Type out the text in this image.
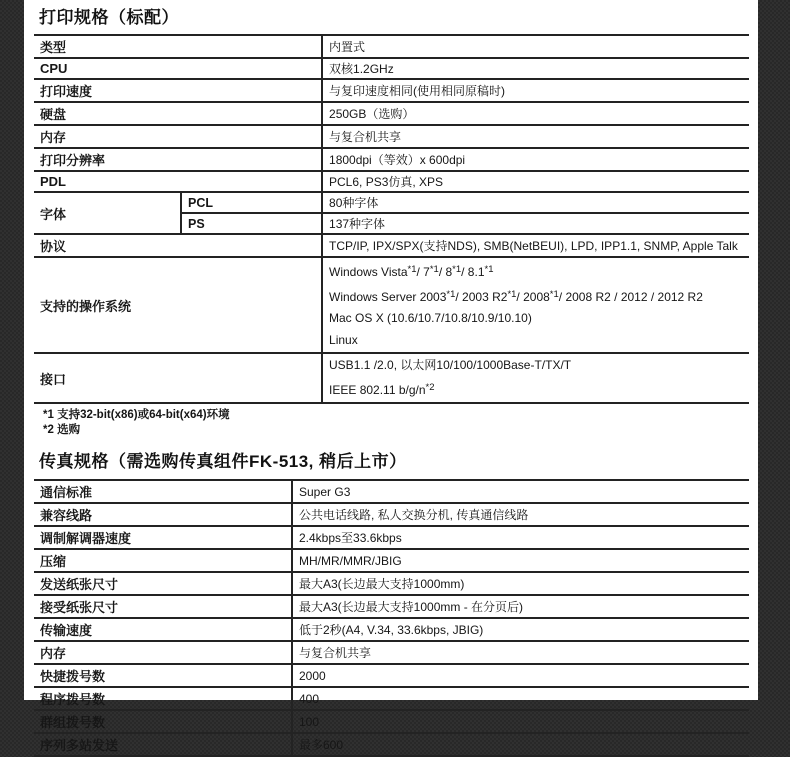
打印规格（标配）
类型		内置式
CPU		双核1.2GHz
打印速度		与复印速度相同(使用相同原稿时)
硬盘		250GB（选购）
内存		与复合机共享
打印分辨率		1800dpi（等效）x 600dpi
PDL		PCL6, PS3仿真, XPS
字体	PCL	80种字体
	PS	137种字体
协议		TCP/IP, IPX/SPX(支持NDS), SMB(NetBEUI), LPD, IPP1.1, SNMP, Apple Talk
支持的操作系统		Windows Vista$^{*1}$/ 7$^{*1}$/ 8$^{*1}$/ 8.1$^{*1}$
Windows Server 2003$^{*1}$/ 2003 R2$^{*1}$/ 2008$^{*1}$/ 2008 R2 / 2012 / 2012 R2
Mac OS X (10.6/10.7/10.8/10.9/10.10)
Linux

接口		USB1.1 /2.0, 以太网10/100/1000Base-T/TX/T
IEEE 802.11 $b/g/n^{*2}$
*1 支持32-bit(x86)或64-bit(x64)环境
*2 选购
传真规格（需选购传真组件FK-513, 稍后上市）
通信标准	Super G3
兼容线路	公共电话线路, 私人交换分机, 传真通信线路
调制解调器速度	2.4kbps至33.6kbps
压缩	MH/MR/MMR/JBIG
发送纸张尺寸	最大A3(长边最大支持1000mm)
接受纸张尺寸	最大A3(长边最大支持1000mm - 在分页后)
传输速度	低于2秒(A4, V.34, 33.6kbps, JBIG)
内存	与复合机共享
快捷拨号数	2000
程序拨号数	400
群组拨号数	100
序列多站发送	最多600
